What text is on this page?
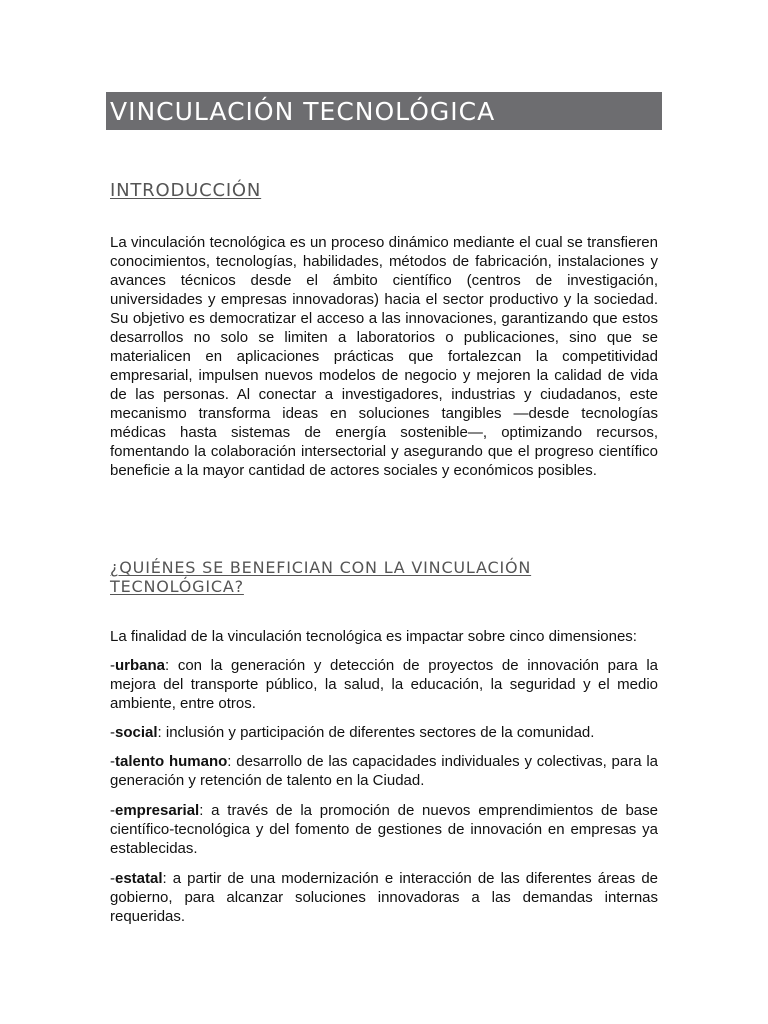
VINCULACIÓN TECNOLÓGICA
INTRODUCCIÓN

La vinculación tecnológica es un proceso dinámico mediante el cual se transfieren conocimientos, tecnologías, habilidades, métodos de fabricación, instalaciones y avances técnicos desde el ámbito científico (centros de investigación, universidades y empresas innovadoras) hacia el sector productivo y la sociedad. Su objetivo es democratizar el acceso a las innovaciones, garantizando que estos desarrollos no solo se limiten a laboratorios o publicaciones, sino que se materialicen en aplicaciones prácticas que fortalezcan la competitividad empresarial, impulsen nuevos modelos de negocio y mejoren la calidad de vida de las personas. Al conectar a investigadores, industrias y ciudadanos, este mecanismo transforma ideas en soluciones tangibles —desde tecnologías médicas hasta sistemas de energía sostenible—, optimizando recursos, fomentando la colaboración intersectorial y asegurando que el progreso científico beneficie a la mayor cantidad de actores sociales y económicos posibles.

¿QUIÉNES SE BENEFICIAN CON LA VINCULACIÓN TECNOLÓGICA?

La finalidad de la vinculación tecnológica es impactar sobre cinco dimensiones:

-urbana: con la generación y detección de proyectos de innovación para la mejora del transporte público, la salud, la educación, la seguridad y el medio ambiente, entre otros.

-social: inclusión y participación de diferentes sectores de la comunidad.

-talento humano: desarrollo de las capacidades individuales y colectivas, para la generación y retención de talento en la Ciudad.

-empresarial: a través de la promoción de nuevos emprendimientos de base científico-tecnológica y del fomento de gestiones de innovación en empresas ya establecidas.

-estatal: a partir de una modernización e interacción de las diferentes áreas de gobierno, para alcanzar soluciones innovadoras a las demandas internas requeridas.
